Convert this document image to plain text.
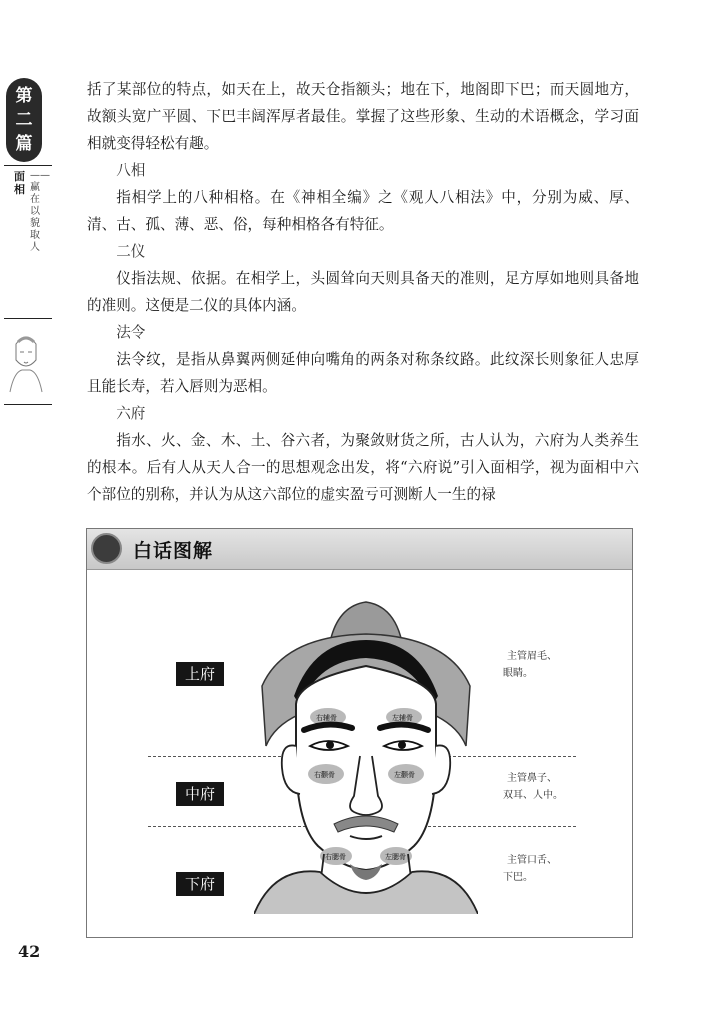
第
二
篇
面相
——赢在以貌取人

括了某部位的特点，如天在上，故天仓指额头；地在下，地阁即下巴；而天圆地方，故额头宽广平圆、下巴丰阔浑厚者最佳。掌握了这些形象、生动的术语概念，学习面相就变得轻松有趣。

八相

指相学上的八种相格。在《神相全编》之《观人八相法》中，分别为威、厚、清、古、孤、薄、恶、俗，每种相格各有特征。

二仪

仪指法规、依据。在相学上，头圆耸向天则具备天的准则，足方厚如地则具备地的准则。这便是二仪的具体内涵。

法令

法令纹，是指从鼻翼两侧延伸向嘴角的两条对称条纹路。此纹深长则象征人忠厚且能长寿，若入唇则为恶相。

六府

指水、火、金、木、土、谷六者，为聚敛财货之所，古人认为，六府为人类养生的根本。后有人从天人合一的思想观念出发，将“六府说”引入面相学，视为面相中六个部位的别称，并认为从这六部位的虚实盈亏可测断人一生的禄

白话图解
上府
中府
下府
主管眉毛、
眼睛。
主管鼻子、
双耳、人中。
主管口舌、
下巴。
右辅骨	左辅骨
右颧骨	左颧骨
右腮骨	左腮骨
42
